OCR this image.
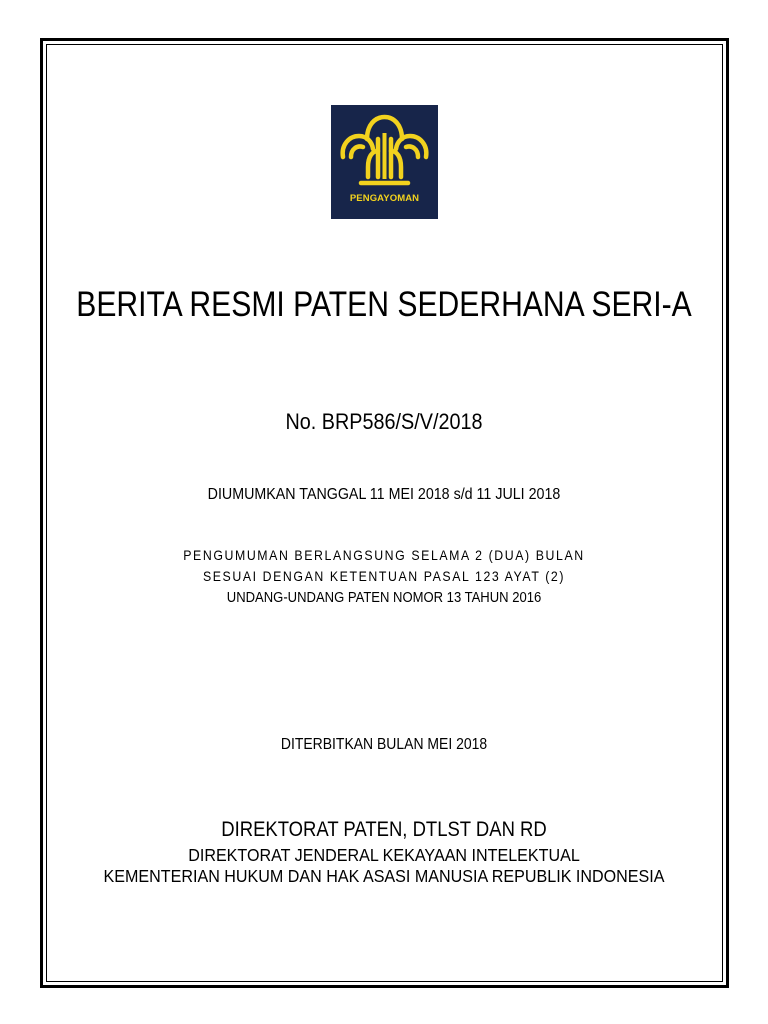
PENGAYOMAN
BERITA RESMI PATEN SEDERHANA SERI-A
No. BRP586/S/V/2018
DIUMUMKAN TANGGAL 11 MEI 2018 s/d 11 JULI 2018
PENGUMUMAN BERLANGSUNG SELAMA 2 (DUA) BULAN
SESUAI DENGAN KETENTUAN PASAL 123 AYAT (2)
UNDANG-UNDANG PATEN NOMOR 13 TAHUN 2016
DITERBITKAN BULAN MEI 2018
DIREKTORAT PATEN, DTLST DAN RD
DIREKTORAT JENDERAL KEKAYAAN INTELEKTUAL
KEMENTERIAN HUKUM DAN HAK ASASI MANUSIA REPUBLIK INDONESIA
